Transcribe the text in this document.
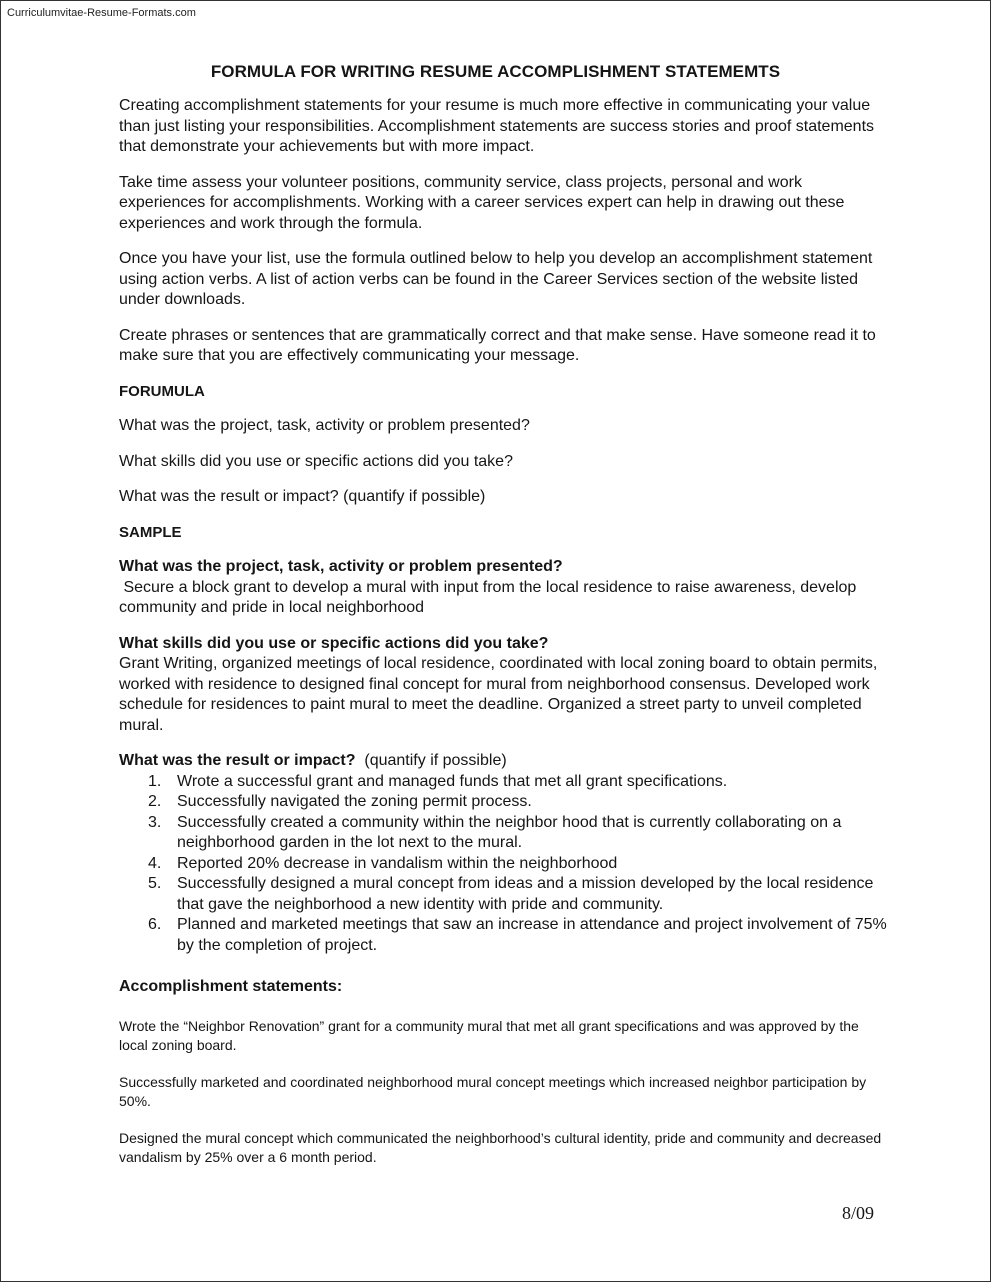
Curriculumvitae-Resume-Formats.com
FORMULA FOR WRITING RESUME ACCOMPLISHMENT STATEMEMTS

Creating accomplishment statements for your resume is much more effective in communicating your value than just listing your responsibilities. Accomplishment statements are success stories and proof statements that demonstrate your achievements but with more impact.

Take time assess your volunteer positions, community service, class projects, personal and work experiences for accomplishments. Working with a career services expert can help in drawing out these experiences and work through the formula.

Once you have your list, use the formula outlined below to help you develop an accomplishment statement using action verbs. A list of action verbs can be found in the Career Services section of the website listed under downloads.

Create phrases or sentences that are grammatically correct and that make sense. Have someone read it to make sure that you are effectively communicating your message.

FORUMULA

What was the project, task, activity or problem presented?

What skills did you use or specific actions did you take?

What was the result or impact? (quantify if possible)

SAMPLE

What was the project, task, activity or problem presented?

Secure a block grant to develop a mural with input from the local residence to raise awareness, develop community and pride in local neighborhood

What skills did you use or specific actions did you take?

Grant Writing, organized meetings of local residence, coordinated with local zoning board to obtain permits, worked with residence to designed final concept for mural from neighborhood consensus. Developed work schedule for residences to paint mural to meet the deadline. Organized a street party to unveil completed mural.

What was the result or impact?  (quantify if possible)

1. Wrote a successful grant and managed funds that met all grant specifications.
2. Successfully navigated the zoning permit process.
3. Successfully created a community within the neighbor hood that is currently collaborating on a neighborhood garden in the lot next to the mural.
4. Reported 20% decrease in vandalism within the neighborhood
5. Successfully designed a mural concept from ideas and a mission developed by the local residence that gave the neighborhood a new identity with pride and community.
6. Planned and marketed meetings that saw an increase in attendance and project involvement of 75% by the completion of project.

Accomplishment statements:

Wrote the “Neighbor Renovation” grant for a community mural that met all grant specifications and was approved by the local zoning board.

Successfully marketed and coordinated neighborhood mural concept meetings which increased neighbor participation by 50%.

Designed the mural concept which communicated the neighborhood’s cultural identity, pride and community and decreased vandalism by 25% over a 6 month period.

8/09
